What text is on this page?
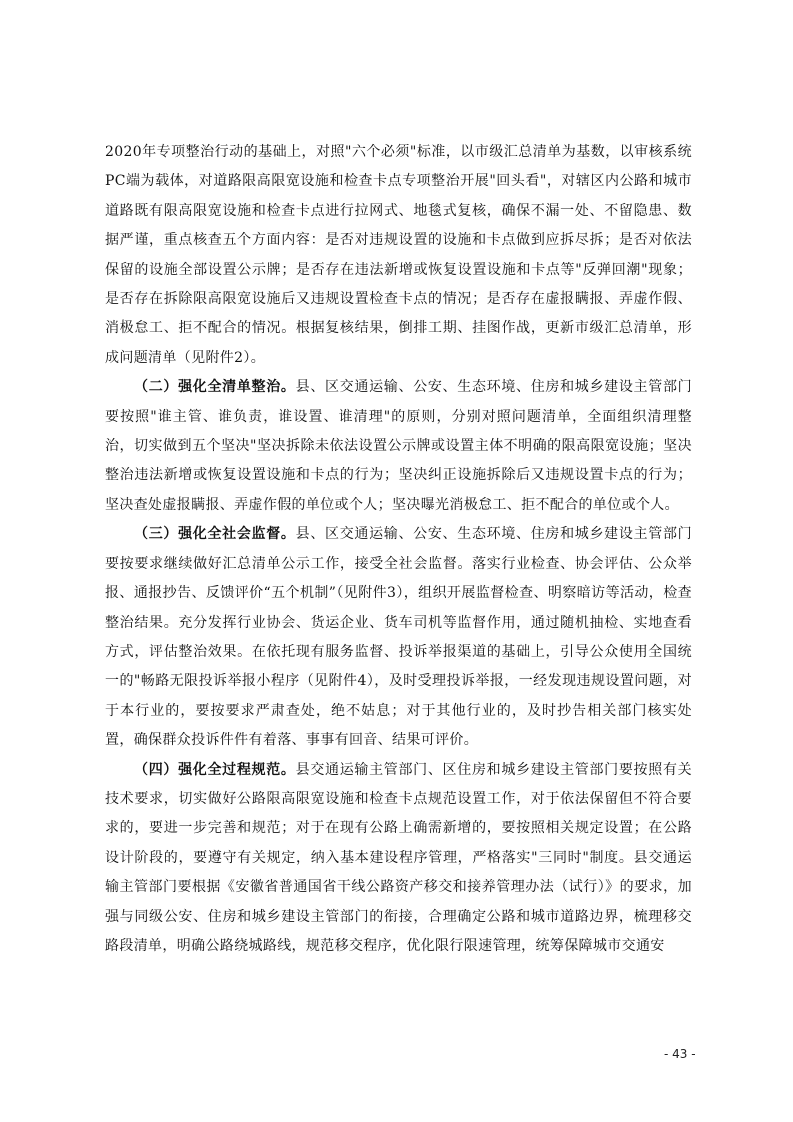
2020年专项整治行动的基础上，对照"六个必须"标准，以市级汇总清单为基数，以审核系统PC端为载体，对道路限高限宽设施和检查卡点专项整治开展"回头看"，对辖区内公路和城市道路既有限高限宽设施和检查卡点进行拉网式、地毯式复核，确保不漏一处、不留隐患、数据严谨，重点核查五个方面内容：是否对违规设置的设施和卡点做到应拆尽拆；是否对依法保留的设施全部设置公示牌；是否存在违法新增或恢复设置设施和卡点等"反弹回潮"现象；是否存在拆除限高限宽设施后又违规设置检查卡点的情况；是否存在虚报瞒报、弄虚作假、消极怠工、拒不配合的情况。根据复核结果，倒排工期、挂图作战，更新市级汇总清单，形成问题清单（见附件2）。

（二）强化全清单整治。县、区交通运输、公安、生态环境、住房和城乡建设主管部门要按照"谁主管、谁负责，谁设置、谁清理"的原则，分别对照问题清单，全面组织清理整治，切实做到五个坚决"坚决拆除未依法设置公示牌或设置主体不明确的限高限宽设施；坚决整治违法新增或恢复设置设施和卡点的行为；坚决纠正设施拆除后又违规设置卡点的行为；坚决查处虚报瞒报、弄虚作假的单位或个人；坚决曝光消极怠工、拒不配合的单位或个人。

（三）强化全社会监督。县、区交通运输、公安、生态环境、住房和城乡建设主管部门要按要求继续做好汇总清单公示工作，接受全社会监督。落实行业检查、协会评估、公众举报、通报抄告、反馈评价“五个机制”（见附件3），组织开展监督检查、明察暗访等活动，检查整治结果。充分发挥行业协会、货运企业、货车司机等监督作用，通过随机抽检、实地查看方式，评估整治效果。在依托现有服务监督、投诉举报渠道的基础上，引导公众使用全国统一的"畅路无限投诉举报小程序（见附件4），及时受理投诉举报，一经发现违规设置问题，对于本行业的，要按要求严肃查处，绝不姑息；对于其他行业的，及时抄告相关部门核实处置，确保群众投诉件件有着落、事事有回音、结果可评价。

（四）强化全过程规范。县交通运输主管部门、区住房和城乡建设主管部门要按照有关技术要求，切实做好公路限高限宽设施和检查卡点规范设置工作，对于依法保留但不符合要求的，要进一步完善和规范；对于在现有公路上确需新增的，要按照相关规定设置；在公路设计阶段的，要遵守有关规定，纳入基本建设程序管理，严格落实"三同时"制度。县交通运输主管部门要根据《安徽省普通国省干线公路资产移交和接养管理办法（试行）》的要求，加强与同级公安、住房和城乡建设主管部门的衔接，合理确定公路和城市道路边界，梳理移交路段清单，明确公路绕城路线，规范移交程序，优化限行限速管理，统筹保障城市交通安

- 43 -
